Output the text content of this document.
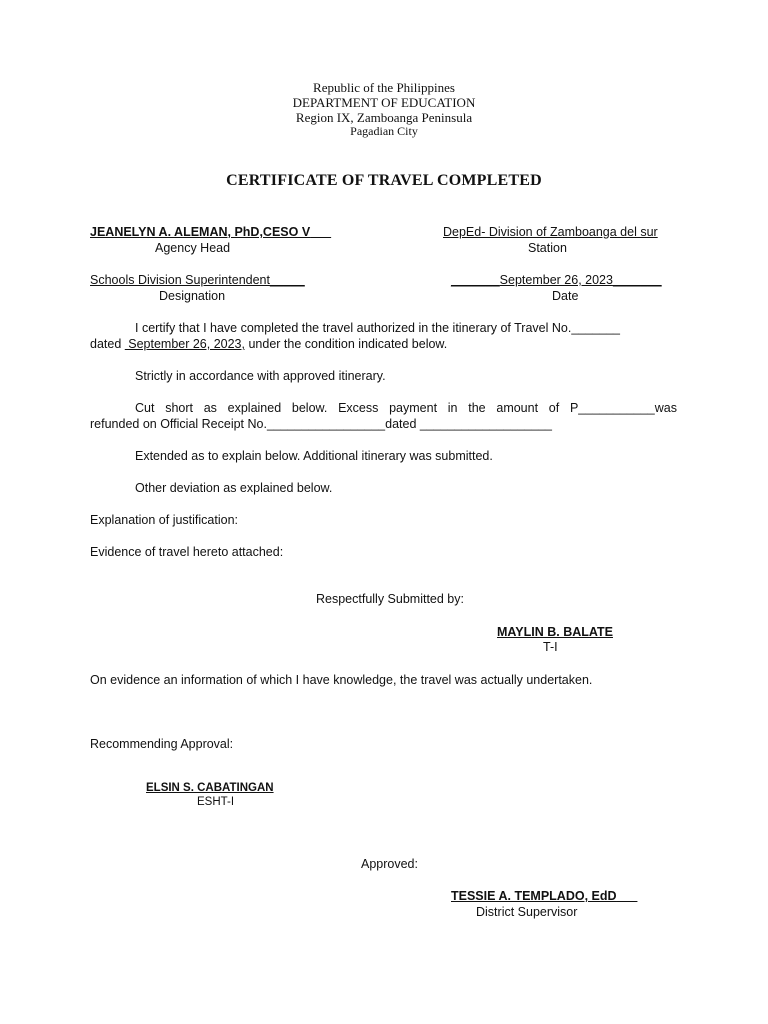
Republic of the Philippines
DEPARTMENT OF EDUCATION
Region IX, Zamboanga Peninsula
Pagadian City
CERTIFICATE OF TRAVEL COMPLETED
JEANELYN A. ALEMAN, PhD,CESO V___
Agency Head
DepEd- Division of Zamboanga del sur
Station
Schools Division Superintendent_____
Designation
_______September 26, 2023_______
Date
I certify that I have completed the travel authorized in the itinerary of Travel No._______
dated  September 26, 2023, under the condition indicated below.
Strictly in accordance with approved itinerary.
Cut short as explained below. Excess payment in the amount of P___________was
refunded on Official Receipt No._________________dated ___________________
Extended as to explain below. Additional itinerary was submitted.
Other deviation as explained below.
Explanation of justification:
Evidence of travel hereto attached:
Respectfully Submitted by:
MAYLIN B. BALATE
T-I
On evidence an information of which I have knowledge, the travel was actually undertaken.
Recommending Approval:
ELSIN S. CABATINGAN
ESHT-I
Approved:
TESSIE A. TEMPLADO, EdD___
District Supervisor
